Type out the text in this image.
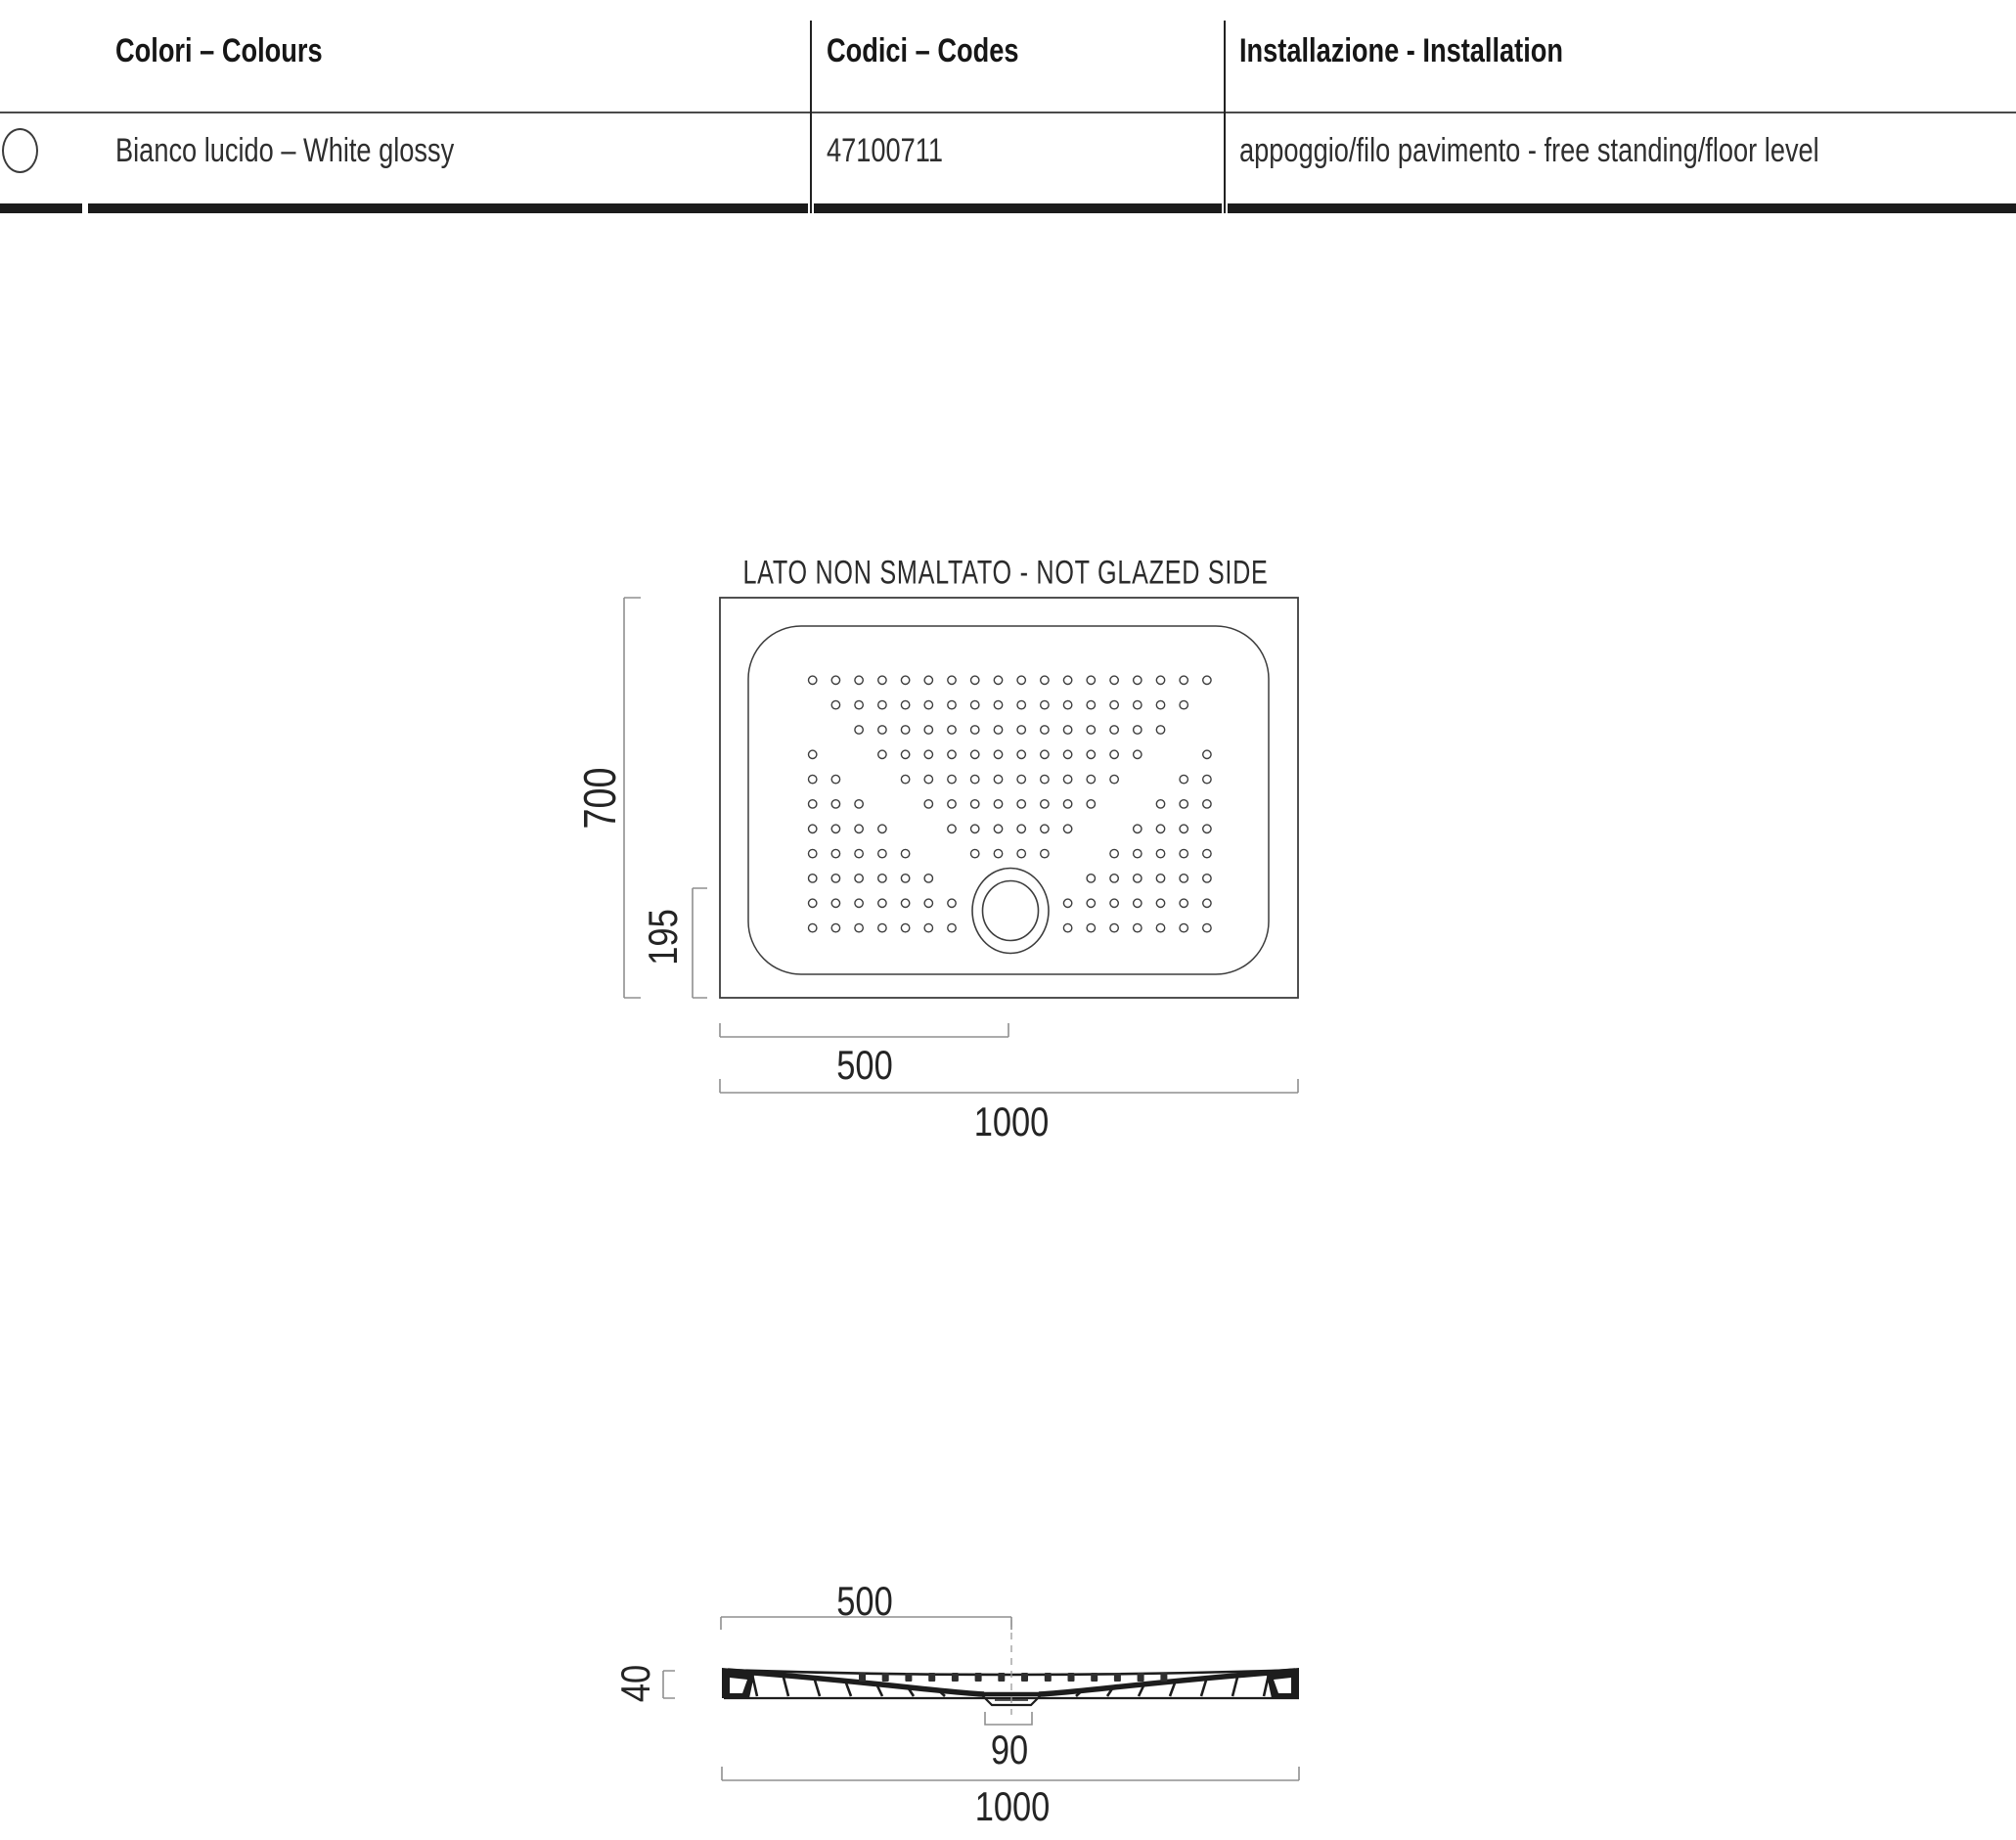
Colori – Colours	Codici – Codes	Installazione - Installation
Bianco lucido – White glossy	47100711	appoggio/filo pavimento - free standing/floor level
LATO NON SMALTATO - NOT GLAZED SIDE
700
195
500
1000
500
40
90
1000
